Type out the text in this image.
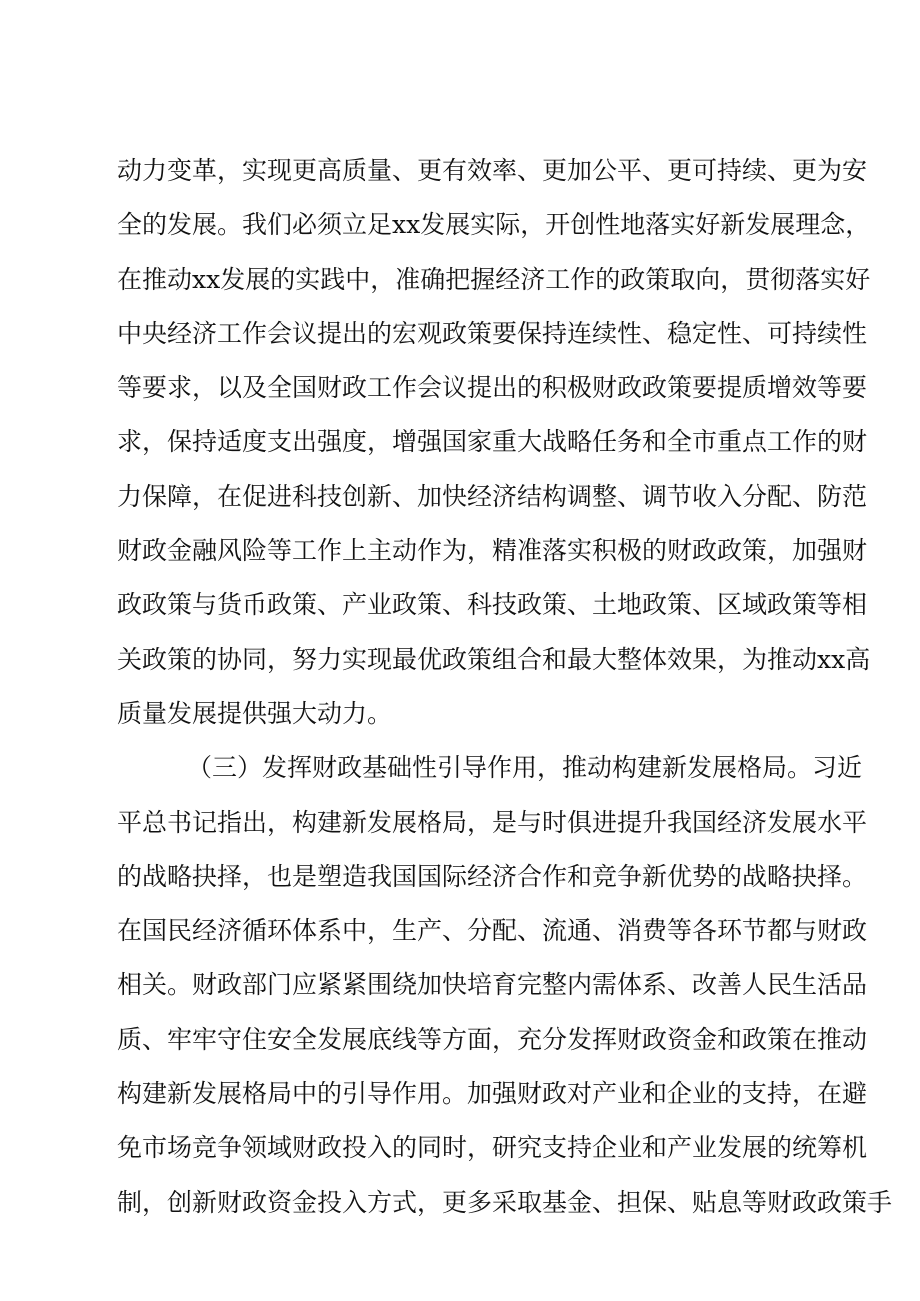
动力变革，实现更高质量、更有效率、更加公平、更可持续、更为安
全的发展。我们必须立足xx发展实际，开创性地落实好新发展理念，
在推动xx发展的实践中，准确把握经济工作的政策取向，贯彻落实好
中央经济工作会议提出的宏观政策要保持连续性、稳定性、可持续性
等要求，以及全国财政工作会议提出的积极财政政策要提质增效等要
求，保持适度支出强度，增强国家重大战略任务和全市重点工作的财
力保障，在促进科技创新、加快经济结构调整、调节收入分配、防范
财政金融风险等工作上主动作为，精准落实积极的财政政策，加强财
政政策与货币政策、产业政策、科技政策、土地政策、区域政策等相
关政策的协同，努力实现最优政策组合和最大整体效果，为推动xx高
质量发展提供强大动力。
（三）发挥财政基础性引导作用，推动构建新发展格局。习近
平总书记指出，构建新发展格局，是与时俱进提升我国经济发展水平
的战略抉择，也是塑造我国国际经济合作和竞争新优势的战略抉择。
在国民经济循环体系中，生产、分配、流通、消费等各环节都与财政
相关。财政部门应紧紧围绕加快培育完整内需体系、改善人民生活品
质、牢牢守住安全发展底线等方面，充分发挥财政资金和政策在推动
构建新发展格局中的引导作用。加强财政对产业和企业的支持，在避
免市场竞争领域财政投入的同时，研究支持企业和产业发展的统筹机
制，创新财政资金投入方式，更多采取基金、担保、贴息等财政政策手
